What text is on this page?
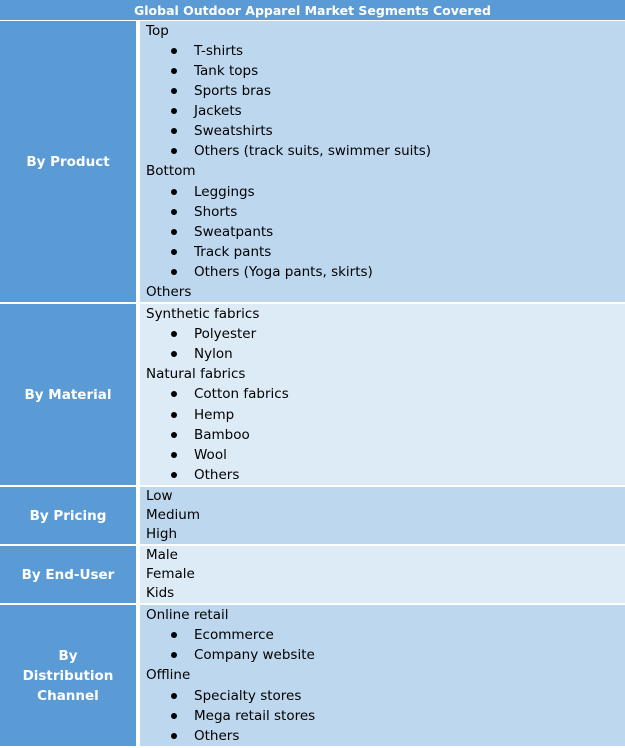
Global Outdoor Apparel Market Segments Covered
By Product
Top
T-shirts
Tank tops
Sports bras
Jackets
Sweatshirts
Others (track suits, swimmer suits)
Bottom
Leggings
Shorts
Sweatpants
Track pants
Others (Yoga pants, skirts)
Others
By Material
Synthetic fabrics
Polyester
Nylon
Natural fabrics
Cotton fabrics
Hemp
Bamboo
Wool
Others
By Pricing
Low
Medium
High
By End-User
Male
Female
Kids
By Distribution Channel
Online retail
Ecommerce
Company website
Offline
Specialty stores
Mega retail stores
Others
